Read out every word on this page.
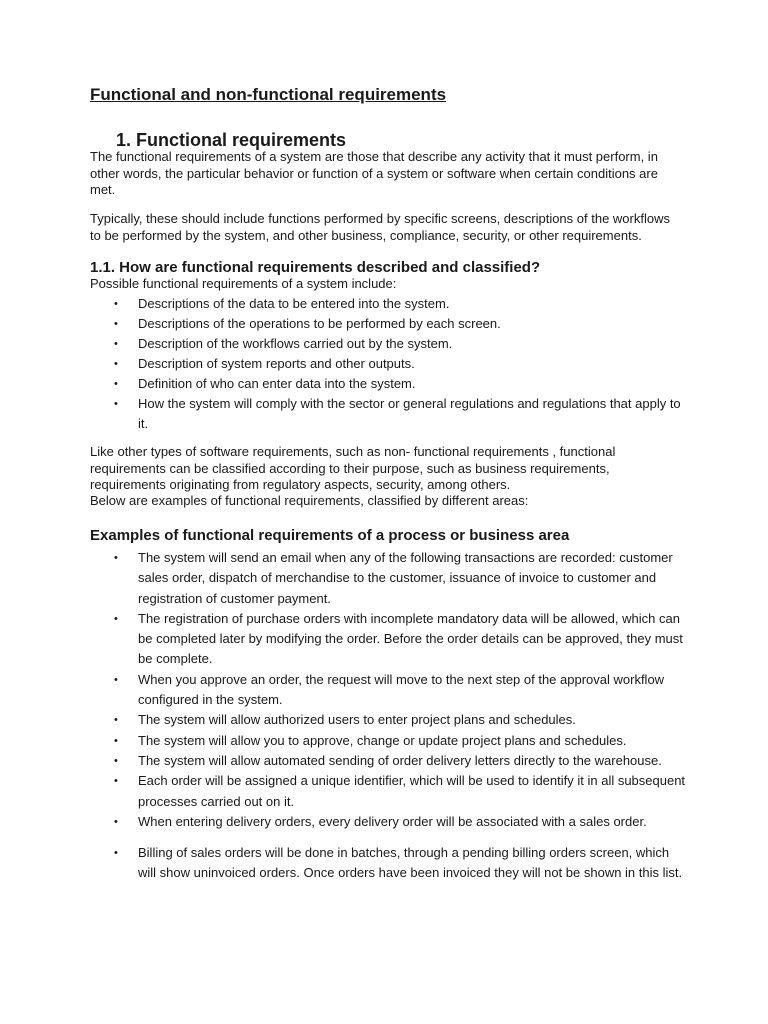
Functional and non-functional requirements
1. Functional requirements

The functional requirements of a system are those that describe any activity that it must perform, in other words, the particular behavior or function of a system or software when certain conditions are met.

Typically, these should include functions performed by specific screens, descriptions of the workflows to be performed by the system, and other business, compliance, security, or other requirements.

1.1. How are functional requirements described and classified?

Possible functional requirements of a system include:

• Descriptions of the data to be entered into the system.
• Descriptions of the operations to be performed by each screen.
• Description of the workflows carried out by the system.
• Description of system reports and other outputs.
• Definition of who can enter data into the system.
• How the system will comply with the sector or general regulations and regulations that apply to it.

Like other types of software requirements, such as non- functional requirements , functional requirements can be classified according to their purpose, such as business requirements, requirements originating from regulatory aspects, security, among others.

Below are examples of functional requirements, classified by different areas:

Examples of functional requirements of a process or business area
• The system will send an email when any of the following transactions are recorded: customer sales order, dispatch of merchandise to the customer, issuance of invoice to customer and registration of customer payment.
• The registration of purchase orders with incomplete mandatory data will be allowed, which can be completed later by modifying the order. Before the order details can be approved, they must be complete.
• When you approve an order, the request will move to the next step of the approval workflow configured in the system.
• The system will allow authorized users to enter project plans and schedules.
• The system will allow you to approve, change or update project plans and schedules.
• The system will allow automated sending of order delivery letters directly to the warehouse.
• Each order will be assigned a unique identifier, which will be used to identify it in all subsequent processes carried out on it.
• When entering delivery orders, every delivery order will be associated with a sales order.
• Billing of sales orders will be done in batches, through a pending billing orders screen, which will show uninvoiced orders. Once orders have been invoiced they will not be shown in this list.
